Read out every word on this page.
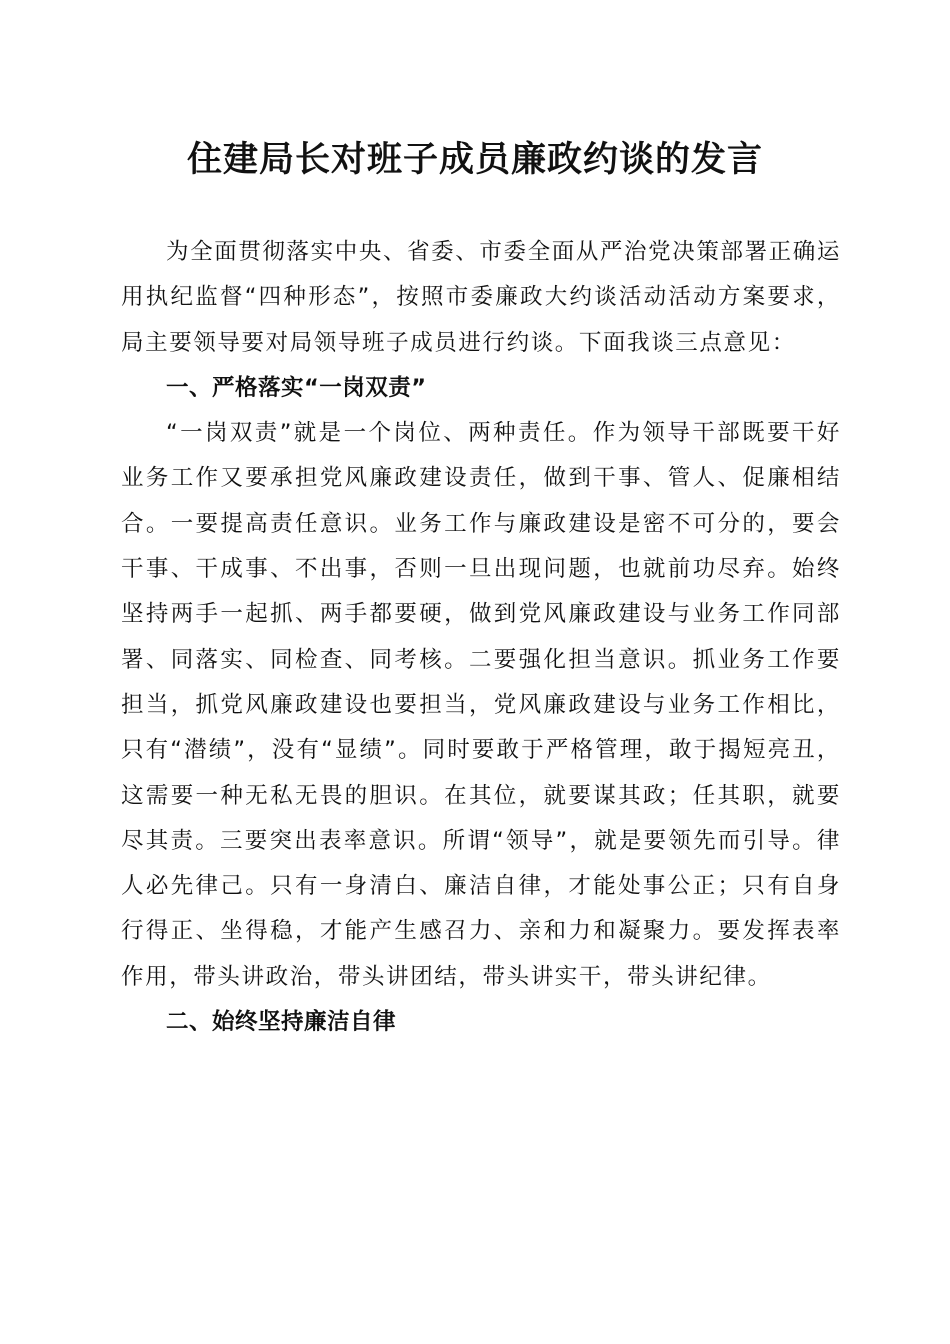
住建局长对班子成员廉政约谈的发言

为全面贯彻落实中央、省委、市委全面从严治党决策部署正确运用执纪监督“四种形态”，按照市委廉政大约谈活动活动方案要求，局主要领导要对局领导班子成员进行约谈。下面我谈三点意见：

一、严格落实“一岗双责”

“一岗双责”就是一个岗位、两种责任。作为领导干部既要干好业务工作又要承担党风廉政建设责任，做到干事、管人、促廉相结合。一要提高责任意识。业务工作与廉政建设是密不可分的，要会干事、干成事、不出事，否则一旦出现问题，也就前功尽弃。始终坚持两手一起抓、两手都要硬，做到党风廉政建设与业务工作同部署、同落实、同检查、同考核。二要强化担当意识。抓业务工作要担当，抓党风廉政建设也要担当，党风廉政建设与业务工作相比，只有“潜绩”，没有“显绩”。同时要敢于严格管理，敢于揭短亮丑，这需要一种无私无畏的胆识。在其位，就要谋其政；任其职，就要尽其责。三要突出表率意识。所谓“领导”，就是要领先而引导。律人必先律己。只有一身清白、廉洁自律，才能处事公正；只有自身行得正、坐得稳，才能产生感召力、亲和力和凝聚力。要发挥表率作用，带头讲政治，带头讲团结，带头讲实干，带头讲纪律。

二、始终坚持廉洁自律
